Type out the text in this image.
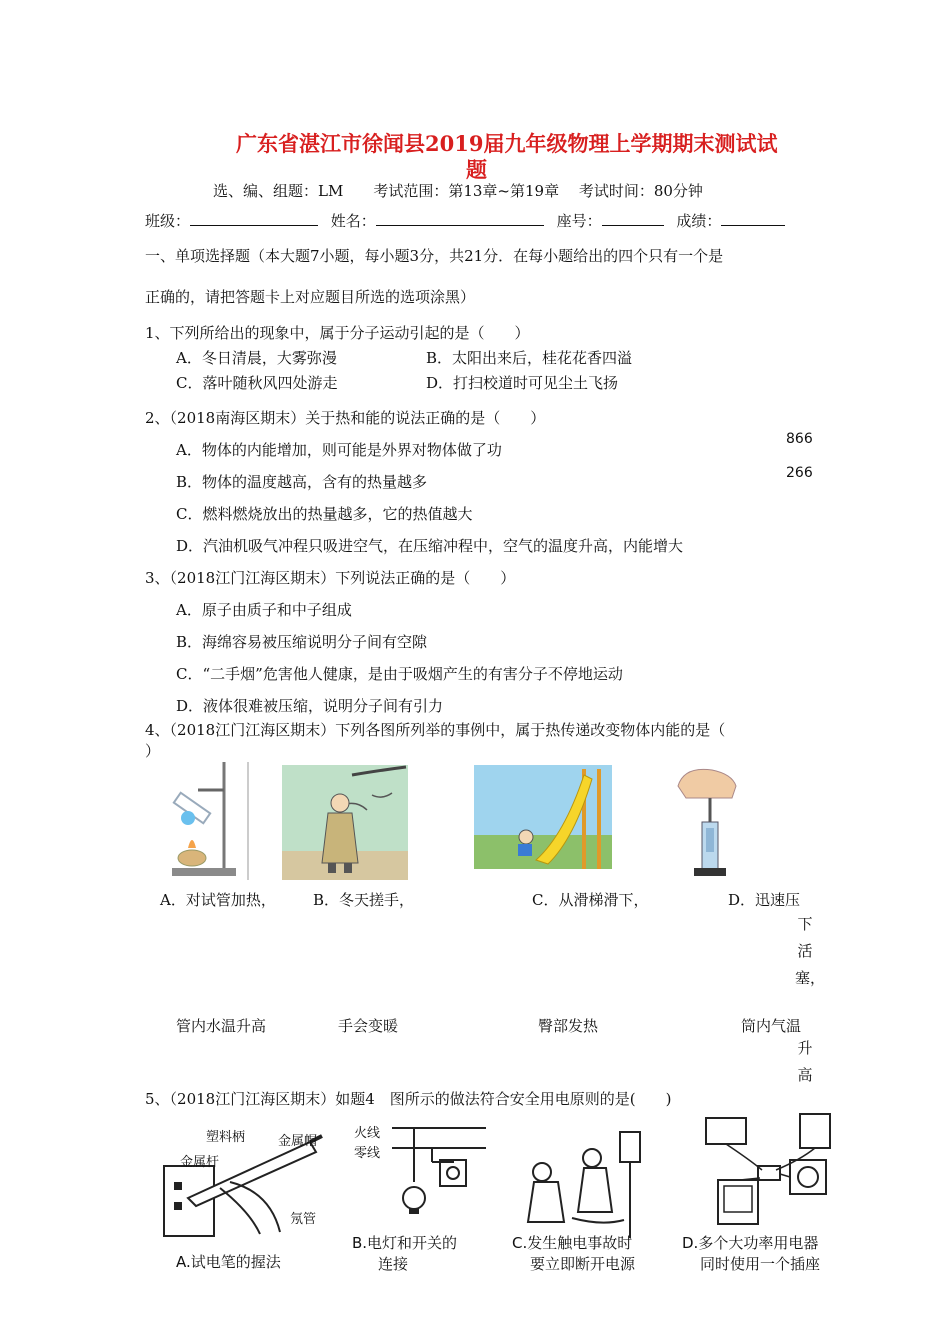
广东省湛江市徐闻县2019届九年级物理上学期期末测试试
题
选、编、组题：LM　　考试范围：第13章~第19章　 考试时间：80分钟
班级：	姓名：	座号：	成绩：
一、单项选择题（本大题7小题，每小题3分，共21分．在每小题给出的四个只有一个是
正确的，请把答题卡上对应题目所选的选项涂黑）
1、下列所给出的现象中，属于分子运动引起的是（　　）
A．冬日清晨，大雾弥漫	B．太阳出来后，桂花花香四溢
C．落叶随秋风四处游走	D．打扫校道时可见尘土飞扬
2、（2018南海区期末）关于热和能的说法正确的是（　　）
A．物体的内能增加，则可能是外界对物体做了功
B．物体的温度越高，含有的热量越多
C．燃料燃烧放出的热量越多，它的热值越大
D．汽油机吸气冲程只吸进空气，在压缩冲程中，空气的温度升高，内能增大
866
266
3、（2018江门江海区期末）下列说法正确的是（　　）
A．原子由质子和中子组成
B．海绵容易被压缩说明分子间有空隙
C．“二手烟”危害他人健康，是由于吸烟产生的有害分子不停地运动
D．液体很难被压缩，说明分子间有引力
4、（2018江门江海区期末）下列各图所列举的事例中，属于热传递改变物体内能的是（
）
A．对试管加热， B．冬天搓手，	C．从滑梯滑下，	D．迅速压
下活塞，
管内水温升高	手会变暖	臀部发热	筒内气温
升高
5、（2018江门江海区期末）如题4　图所示的做法符合安全用电原则的是(　　)
塑料柄	金属帽
金属杆
氖管
火线
零线
A.试电笔的握法
B.电灯和开关的
连接
C.发生触电事故时
要立即断开电源
D.多个大功率用电器
同时使用一个插座
